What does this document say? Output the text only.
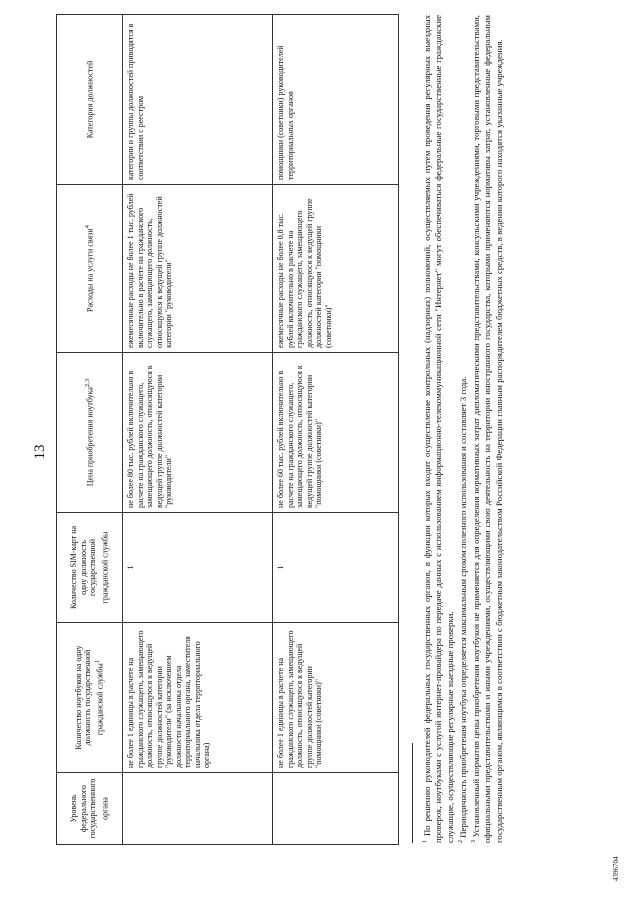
13
Уровень федерального государственного органа	Количество ноутбуков на одну должность государственной гражданской службы$^1$	Количество SIM-карт на одну должность государственной гражданской службы	Цена приобретения ноутбука$^{2,3}$	Расходы на услуги связи$^4$	Категория должностей
	не более 1 единицы в расчете на гражданского служащего, замещающего должность, относящуюся к ведущей группе должностей категории "руководители" (за исключением должности начальника отдела территориального органа, заместителя начальника отдела территориального органа)	1	не более 80 тыс. рублей включительно в расчете на гражданского служащего, замещающего должность, относящуюся к ведущей группе должностей категории "руководители"	ежемесячные расходы не более 1 тыс. рублей включительно в расчете на гражданского служащего, замещающего должность, относящуюся к ведущей группе должностей категории "руководители"	категории и группы должностей приводятся в соответствии с реестром
	не более 1 единицы в расчете на гражданского служащего, замещающего должность, относящуюся к ведущей группе должностей категории "помощники (советники)"	1	не более 60 тыс. рублей включительно в расчете на гражданского служащего, замещающего должность, относящуюся к ведущей группе должностей категории "помощники (советники)"	ежемесячные расходы не более 0,8 тыс. рублей включительно в расчете на гражданского служащего, замещающего должность, относящуюся к ведущей группе должностей категории "помощники (советники)"	помощники (советники) руководителей территориальных органов

$^1$ По решению руководителей федеральных государственных органов, в функции которых входит осуществление контрольных (надзорных) полномочий, осуществляемых путем проведения регулярных выездных проверок, ноутбуками с услугой интернет-провайдера по передаче данных с использованием информационно-телекоммуникационной сети "Интернет" могут обеспечиваться федеральные государственные гражданские служащие, осуществляющие регулярные выездные проверки. $^2$ Периодичность приобретения ноутбука определяется максимальным сроком полезного использования и составляет 3 года.

$^3$ Установленный норматив цены приобретения ноутбуков не применяется для определения нормативных затрат дипломатическими представительствами, консульскими учреждениями, торговыми представительствами, официальными представительствами и иными учреждениями, осуществляющими свою деятельность на территории иностранного государства, которыми применяются нормативы затрат, установленные федеральным государственным органом, являющимся в соответствии с бюджетным законодательством Российской Федерации главным распорядителем бюджетных средств, в ведении которого находятся указанные учреждения.

4396704
